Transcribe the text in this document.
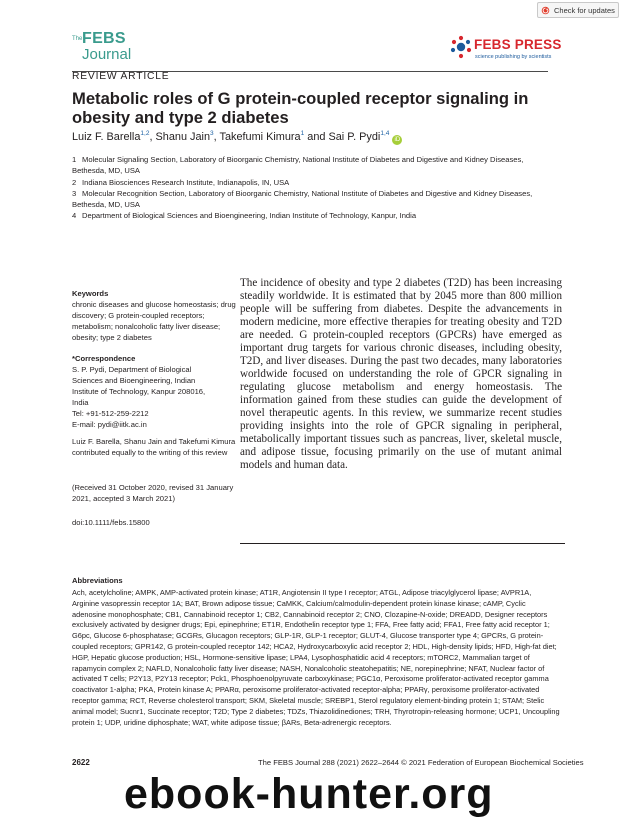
Check for updates
The FEBS
Journal
REVIEW ARTICLE
FEBS PRESS
science publishing by scientists
Metabolic roles of G protein-coupled receptor signaling in obesity and type 2 diabetes
Luiz F. Barella$^{1,2}$, Shanu Jain$^3$, Takefumi Kimura$^1$ and Sai P. Pydi$^{1,4}$iD
1 Molecular Signaling Section, Laboratory of Bioorganic Chemistry, National Institute of Diabetes and Digestive and Kidney Diseases,
Bethesda, MD, USA
2 Indiana Biosciences Research Institute, Indianapolis, IN, USA
3 Molecular Recognition Section, Laboratory of Bioorganic Chemistry, National Institute of Diabetes and Digestive and Kidney Diseases,
Bethesda, MD, USA
4 Department of Biological Sciences and Bioengineering, Indian Institute of Technology, Kanpur, India
Keywords
chronic diseases and glucose homeostasis; drug discovery; G protein-coupled receptors; metabolism; nonalcoholic fatty liver disease; obesity; type 2 diabetes
*Correspondence
S. P. Pydi, Department of Biological
Sciences and Bioengineering, Indian
Institute of Technology, Kanpur 208016,
India
Tel: +91-512-259-2212
E-mail: pydi@iitk.ac.in
Luiz F. Barella, Shanu Jain and Takefumi Kimura contributed equally to the writing of this review
(Received 31 October 2020, revised 31 January 2021, accepted 3 March 2021)
doi:10.1111/febs.15800
The incidence of obesity and type 2 diabetes (T2D) has been increasing steadily worldwide. It is estimated that by 2045 more than 800 million people will be suffering from diabetes. Despite the advancements in modern medicine, more effective therapies for treating obesity and T2D are needed. G protein-coupled receptors (GPCRs) have emerged as important drug targets for various chronic diseases, including obesity, T2D, and liver diseases. During the past two decades, many laboratories worldwide focused on understanding the role of GPCR signaling in regulating glucose metabolism and energy homeostasis. The information gained from these studies can guide the development of novel therapeutic agents. In this review, we summarize recent studies providing insights into the role of GPCR signaling in peripheral, metabolically important tissues such as pancreas, liver, skeletal muscle, and adipose tissue, focusing primarily on the use of mutant animal models and human data.
Abbreviations
Ach, acetylcholine; AMPK, AMP-activated protein kinase; AT1R, Angiotensin II type I receptor; ATGL, Adipose triacylglycerol lipase; AVPR1A, Arginine vasopressin receptor 1A; BAT, Brown adipose tissue; CaMKK, Calcium/calmodulin-dependent protein kinase kinase; cAMP, Cyclic adenosine monophosphate; CB1, Cannabinoid receptor 1; CB2, Cannabinoid receptor 2; CNO, Clozapine-N-oxide; DREADD, Designer receptors exclusively activated by designer drugs; Epi, epinephrine; ET1R, Endothelin receptor type 1; FFA, Free fatty acid; FFA1, Free fatty acid receptor 1; G6pc, Glucose 6-phosphatase; GCGRs, Glucagon receptors; GLP-1R, GLP-1 receptor; GLUT-4, Glucose transporter type 4; GPCRs, G protein-coupled receptors; GPR142, G protein-coupled receptor 142; HCA2, Hydroxycarboxylic acid receptor 2; HDL, High-density lipids; HFD, High-fat diet; HGP, Hepatic glucose production; HSL, Hormone-sensitive lipase; LPA4, Lysophosphatidic acid 4 receptors; mTORC2, Mammalian target of rapamycin complex 2; NAFLD, Nonalcoholic fatty liver disease; NASH, Nonalcoholic steatohepatitis; NE, norepinephrine; NFAT, Nuclear factor of activated T cells; P2Y13, P2Y13 receptor; Pck1, Phosphoenolpyruvate carboxykinase; PGC1α, Peroxisome proliferator-activated receptor gamma coactivator 1-alpha; PKA, Protein kinase A; PPARα, peroxisome proliferator-activated receptor-alpha; PPARγ, peroxisome proliferator-activated receptor gamma; RCT, Reverse cholesterol transport; SKM, Skeletal muscle; SREBP1, Sterol regulatory element-binding protein 1; STAM; Stelic animal model; Sucnr1, Succinate receptor; T2D; Type 2 diabetes; TDZs, Thiazolidinediones; TRH, Thyrotropin-releasing hormone; UCP1, Uncoupling protein 1; UDP, uridine diphosphate; WAT, white adipose tissue; βARs, Beta-adrenergic receptors.
2622	The FEBS Journal 288 (2021) 2622–2644 © 2021 Federation of European Biochemical Societies
ebook-hunter.org
